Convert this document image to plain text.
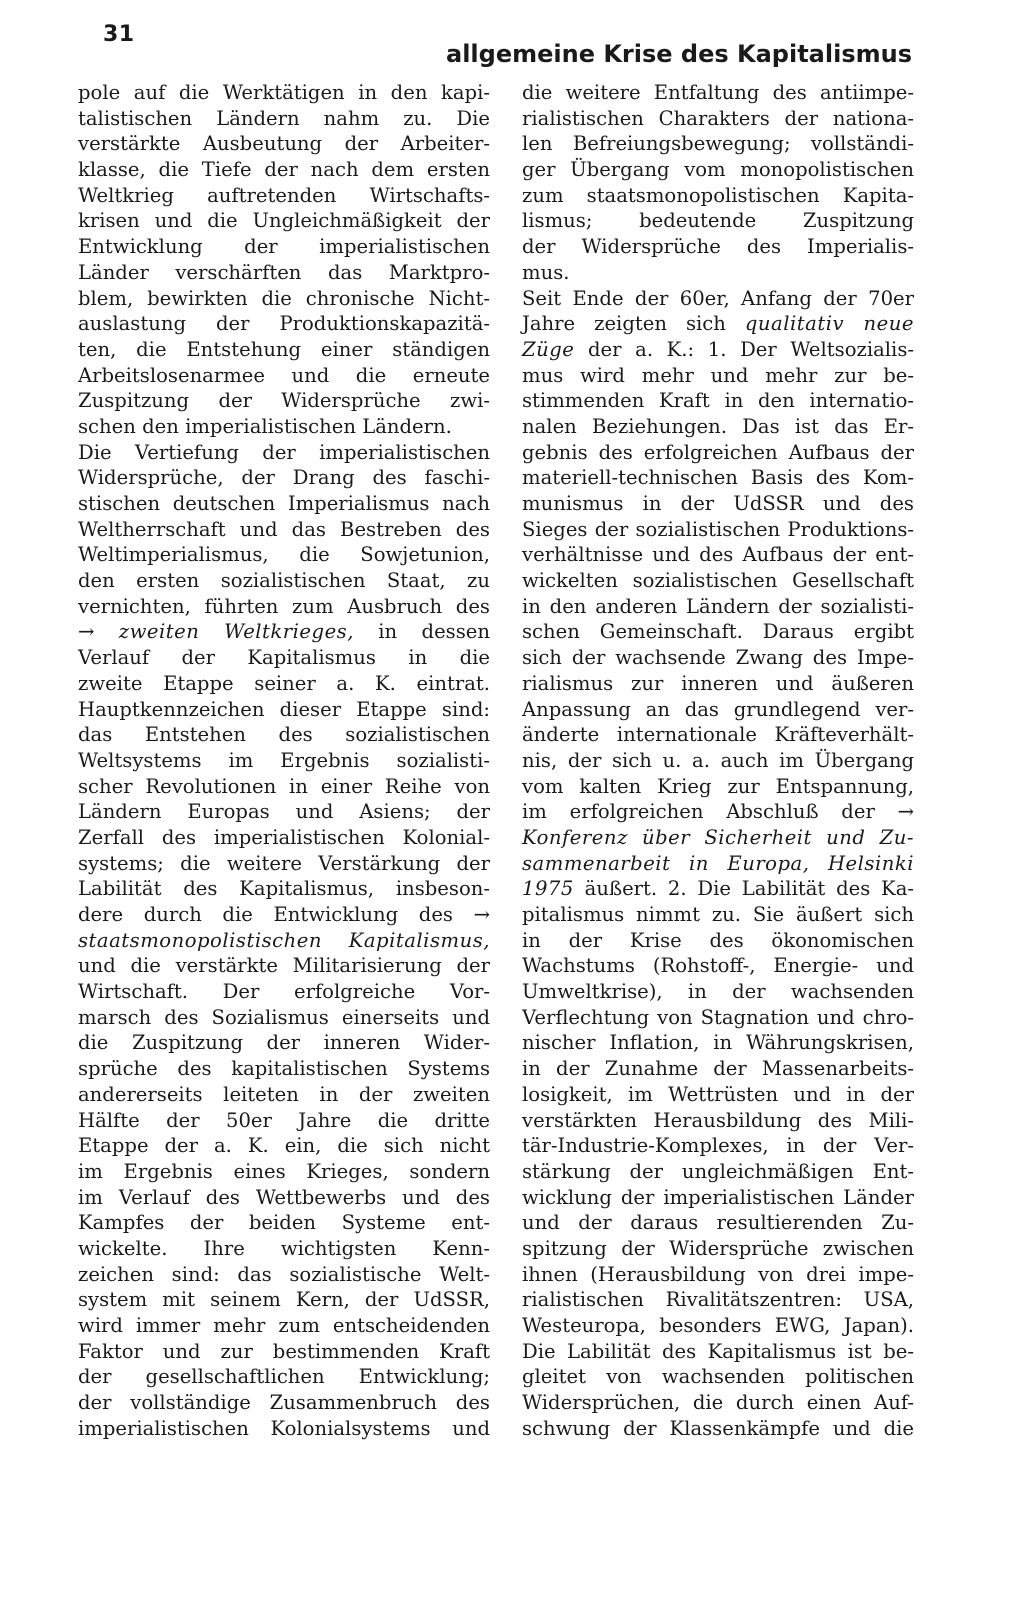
31
allgemeine Krise des Kapitalismus
pole auf die Werktätigen in den kapi-
talistischen Ländern nahm zu. Die
verstärkte Ausbeutung der Arbeiter-
klasse, die Tiefe der nach dem ersten
Weltkrieg auftretenden Wirtschafts-
krisen und die Ungleichmäßigkeit der
Entwicklung der imperialistischen
Länder verschärften das Marktpro-
blem, bewirkten die chronische Nicht-
auslastung der Produktionskapazitä-
ten, die Entstehung einer ständigen
Arbeitslosenarmee und die erneute
Zuspitzung der Widersprüche zwi-
schen den imperialistischen Ländern.
Die Vertiefung der imperialistischen
Widersprüche, der Drang des faschi-
stischen deutschen Imperialismus nach
Weltherrschaft und das Bestreben des
Weltimperialismus, die Sowjetunion,
den ersten sozialistischen Staat, zu
vernichten, führten zum Ausbruch des
→ zweiten Weltkrieges, in dessen
Verlauf der Kapitalismus in die
zweite Etappe seiner a. K. eintrat.
Hauptkennzeichen dieser Etappe sind:
das Entstehen des sozialistischen
Weltsystems im Ergebnis sozialisti-
scher Revolutionen in einer Reihe von
Ländern Europas und Asiens; der
Zerfall des imperialistischen Kolonial-
systems; die weitere Verstärkung der
Labilität des Kapitalismus, insbeson-
dere durch die Entwicklung des →
staatsmonopolistischen Kapitalismus,
und die verstärkte Militarisierung der
Wirtschaft. Der erfolgreiche Vor-
marsch des Sozialismus einerseits und
die Zuspitzung der inneren Wider-
sprüche des kapitalistischen Systems
andererseits leiteten in der zweiten
Hälfte der 50er Jahre die dritte
Etappe der a. K. ein, die sich nicht
im Ergebnis eines Krieges, sondern
im Verlauf des Wettbewerbs und des
Kampfes der beiden Systeme ent-
wickelte. Ihre wichtigsten Kenn-
zeichen sind: das sozialistische Welt-
system mit seinem Kern, der UdSSR,
wird immer mehr zum entscheidenden
Faktor und zur bestimmenden Kraft
der gesellschaftlichen Entwicklung;
der vollständige Zusammenbruch des
imperialistischen Kolonialsystems und
die weitere Entfaltung des antiimpe-
rialistischen Charakters der nationa-
len Befreiungsbewegung; vollständi-
ger Übergang vom monopolistischen
zum staatsmonopolistischen Kapita-
lismus; bedeutende Zuspitzung
der Widersprüche des Imperialis-
mus.
Seit Ende der 60er, Anfang der 70er
Jahre zeigten sich qualitativ neue
Züge der a. K.: 1. Der Weltsozialis-
mus wird mehr und mehr zur be-
stimmenden Kraft in den internatio-
nalen Beziehungen. Das ist das Er-
gebnis des erfolgreichen Aufbaus der
materiell-technischen Basis des Kom-
munismus in der UdSSR und des
Sieges der sozialistischen Produktions-
verhältnisse und des Aufbaus der ent-
wickelten sozialistischen Gesellschaft
in den anderen Ländern der sozialisti-
schen Gemeinschaft. Daraus ergibt
sich der wachsende Zwang des Impe-
rialismus zur inneren und äußeren
Anpassung an das grundlegend ver-
änderte internationale Kräfteverhält-
nis, der sich u. a. auch im Übergang
vom kalten Krieg zur Entspannung,
im erfolgreichen Abschluß der →
Konferenz über Sicherheit und Zu-
sammenarbeit in Europa, Helsinki
1975 äußert. 2. Die Labilität des Ka-
pitalismus nimmt zu. Sie äußert sich
in der Krise des ökonomischen
Wachstums (Rohstoff-, Energie- und
Umweltkrise), in der wachsenden
Verflechtung von Stagnation und chro-
nischer Inflation, in Währungskrisen,
in der Zunahme der Massenarbeits-
losigkeit, im Wettrüsten und in der
verstärkten Herausbildung des Mili-
tär-Industrie-Komplexes, in der Ver-
stärkung der ungleichmäßigen Ent-
wicklung der imperialistischen Länder
und der daraus resultierenden Zu-
spitzung der Widersprüche zwischen
ihnen (Herausbildung von drei impe-
rialistischen Rivalitätszentren: USA,
Westeuropa, besonders EWG, Japan).
Die Labilität des Kapitalismus ist be-
gleitet von wachsenden politischen
Widersprüchen, die durch einen Auf-
schwung der Klassenkämpfe und die
